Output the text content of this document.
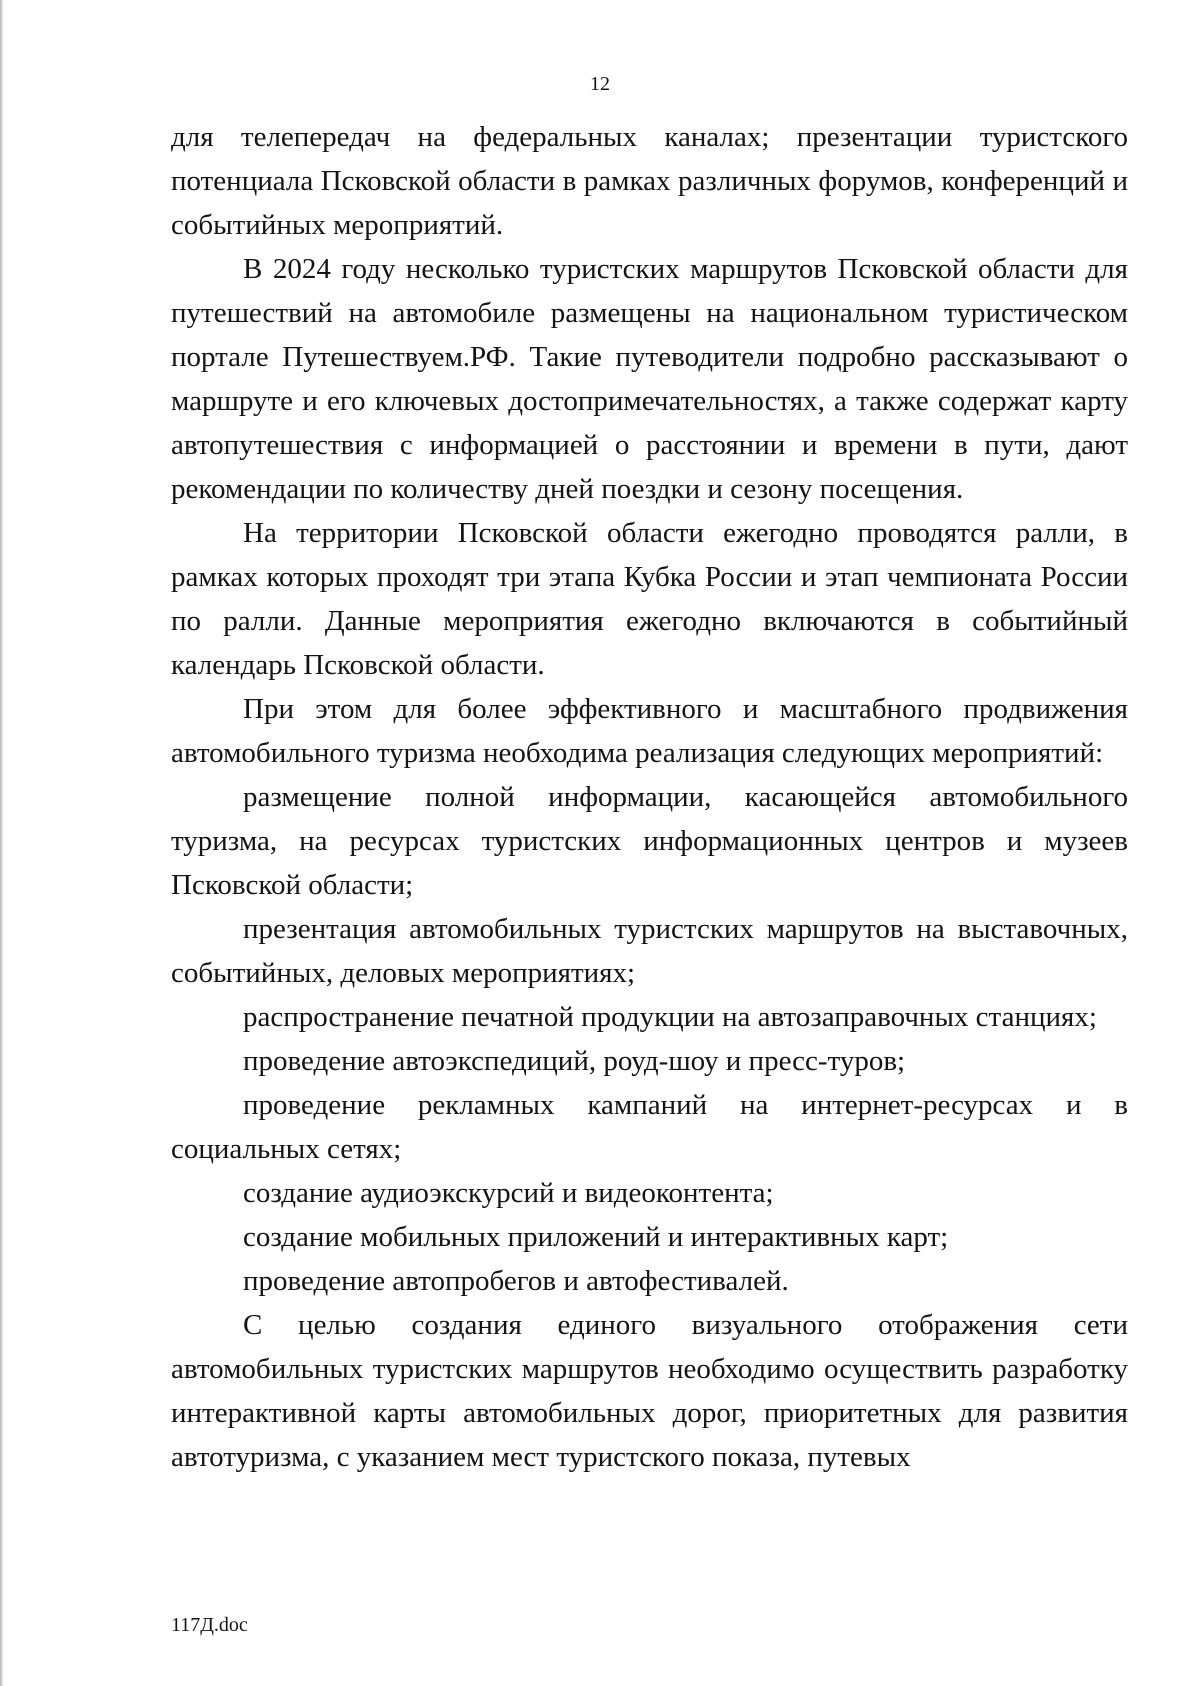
12

для телепередач на федеральных каналах; презентации туристского потенциала Псковской области в рамках различных форумов, конференций и событийных мероприятий.

В 2024 году несколько туристских маршрутов Псковской области для путешествий на автомобиле размещены на национальном туристическом портале Путешествуем.РФ. Такие путеводители подробно рассказывают о маршруте и его ключевых достопримечательностях, а также содержат карту автопутешествия с информацией о расстоянии и времени в пути, дают рекомендации по количеству дней поездки и сезону посещения.

На территории Псковской области ежегодно проводятся ралли, в рамках которых проходят три этапа Кубка России и этап чемпионата России по ралли. Данные мероприятия ежегодно включаются в событийный календарь Псковской области.

При этом для более эффективного и масштабного продвижения автомобильного туризма необходима реализация следующих мероприятий:

размещение полной информации, касающейся автомобильного туризма, на ресурсах туристских информационных центров и музеев Псковской области;

презентация автомобильных туристских маршрутов на выставочных, событийных, деловых мероприятиях;

распространение печатной продукции на автозаправочных станциях;

проведение автоэкспедиций, роуд-шоу и пресс-туров;

проведение рекламных кампаний на интернет-ресурсах и в социальных сетях;

создание аудиоэкскурсий и видеоконтента;

создание мобильных приложений и интерактивных карт;

проведение автопробегов и автофестивалей.

С целью создания единого визуального отображения сети автомобильных туристских маршрутов необходимо осуществить разработку интерактивной карты автомобильных дорог, приоритетных для развития автотуризма, с указанием мест туристского показа, путевых

117Д.doc
